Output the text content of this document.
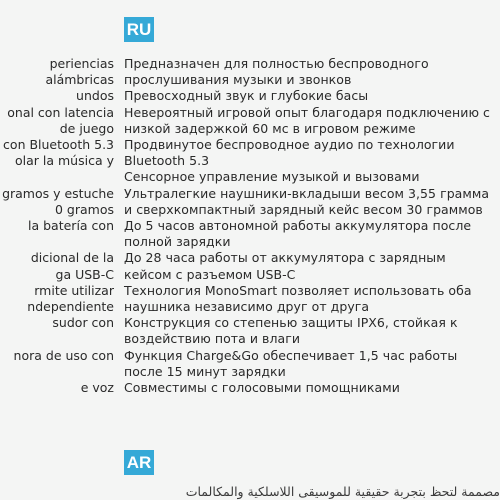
periencias
alámbricas
undos
onal con latencia
de juego
con Bluetooth 5.3
olar la música y
gramos y estuche
0 gramos
la batería con
dicional de la
ga USB-C
rmite utilizar
ndependiente
sudor con
nora de uso con
e voz
RU
Предназначен для полностью беспроводного прослушивания музыки и звонков
Превосходный звук и глубокие басы
Невероятный игровой опыт благодаря подключению с низкой задержкой 60 мс в игровом режиме
Продвинутое беспроводное аудио по технологии Bluetooth 5.3
Сенсорное управление музыкой и вызовами
Ультралегкие наушники-вкладыши весом 3,55 грамма и сверхкомпактный зарядный кейс весом 30 граммов
До 5 часов автономной работы аккумулятора после полной зарядки
До 28 часа работы от аккумулятора с зарядным кейсом с разъемом USB-C
Технология MonoSmart позволяет использовать оба наушника независимо друг от друга
Конструкция со степенью защиты IPX6, стойкая к воздействию пота и влаги
Функция Charge&Go обеспечивает 1,5 час работы после 15 минут зарядки
Совместимы с голосовыми помощниками
AR
مصممة لتحظ بتجربة حقيقية للموسيقى اللاسلكية والمكالمات
